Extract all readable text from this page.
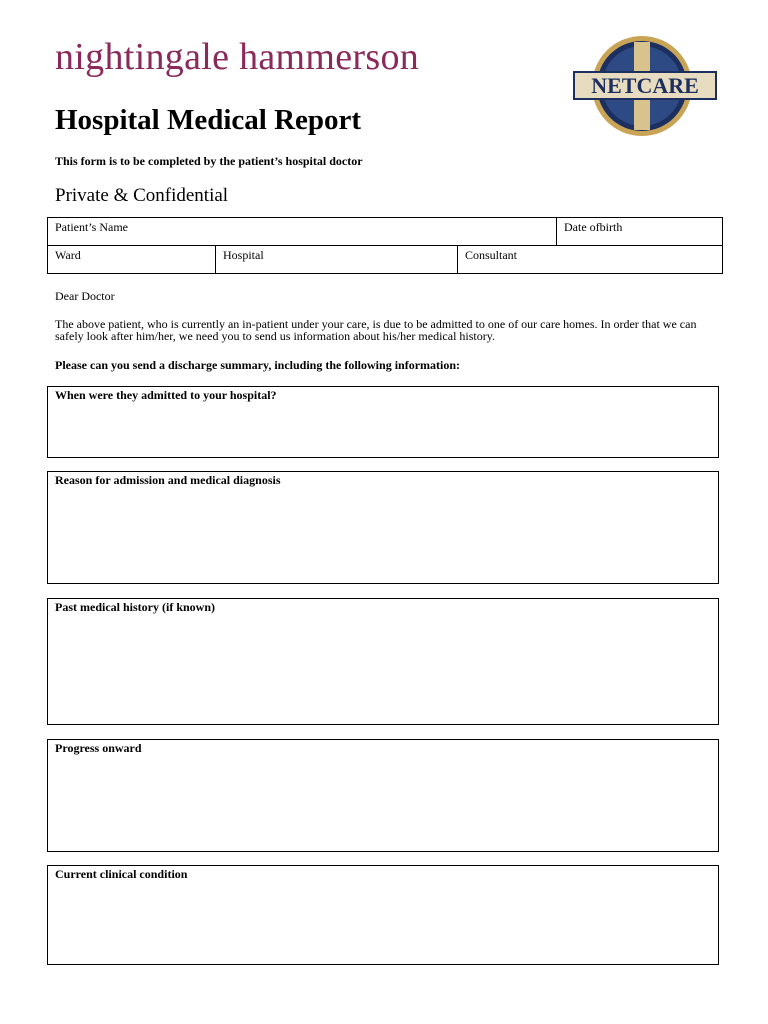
nightingale hammerson
NETCARE
Hospital Medical Report
This form is to be completed by the patient’s hospital doctor
Private & Confidential
Patient’s Name			Date ofbirth
Ward	Hospital	Consultant	
Dear Doctor
The above patient, who is currently an in-patient under your care, is due to be admitted to one of our care homes. In order that we can safely look after him/her, we need you to send us information about his/her medical history.
Please can you send a discharge summary, including the following information:
When were they admitted to your hospital?
Reason for admission and medical diagnosis
Past medical history (if known)
Progress onward
Current clinical condition
